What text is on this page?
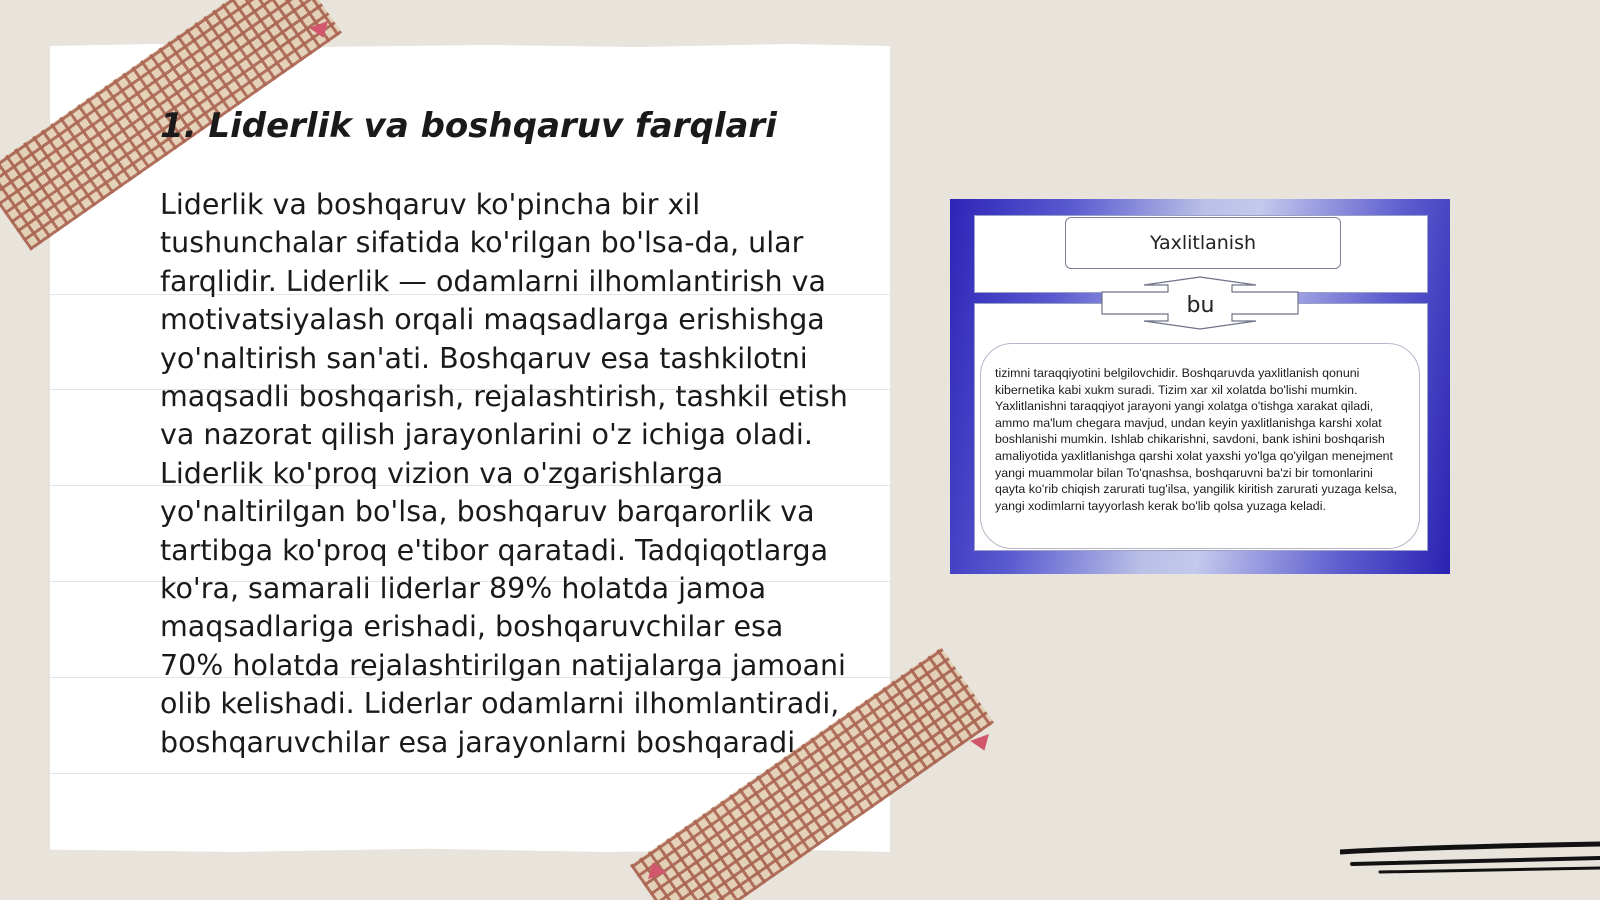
1. Liderlik va boshqaruv farqlari

Liderlik va boshqaruv ko'pincha bir xil tushunchalar sifatida ko'rilgan bo'lsa-da, ular farqlidir. Liderlik — odamlarni ilhomlantirish va motivatsiyalash orqali maqsadlarga erishishga yo'naltirish san'ati. Boshqaruv esa tashkilotni maqsadli boshqarish, rejalashtirish, tashkil etish va nazorat qilish jarayonlarini o'z ichiga oladi. Liderlik ko'proq vizion va o'zgarishlarga yo'naltirilgan bo'lsa, boshqaruv barqarorlik va tartibga ko'proq e'tibor qaratadi. Tadqiqotlarga ko'ra, samarali liderlar 89% holatda jamoa maqsadlariga erishadi, boshqaruvchilar esa 70% holatda rejalashtirilgan natijalarga jamoani olib kelishadi. Liderlar odamlarni ilhomlantiradi, boshqaruvchilar esa jarayonlarni boshqaradi.

Yaxlitlanish
bu

tizimni taraqqiyotini belgilovchidir. Boshqaruvda yaxlitlanish qonuni kibernetika kabi xukm suradi. Tizim xar xil xolatda bo'lishi mumkin. Yaxlitlanishni taraqqiyot jarayoni yangi xolatga o'tishga xarakat qiladi, ammo ma'lum chegara mavjud, undan keyin yaxlitlanishga karshi xolat boshlanishi mumkin. Ishlab chikarishni, savdoni, bank ishini boshqarish amaliyotida yaxlitlanishga qarshi xolat yaxshi yo'lga qo'yilgan menejment yangi muammolar bilan To'qnashsa, boshqaruvni ba'zi bir tomonlarini qayta ko'rib chiqish zarurati tug'ilsa, yangilik kiritish zarurati yuzaga kelsa, yangi xodimlarni tayyorlash kerak bo'lib qolsa yuzaga keladi.
